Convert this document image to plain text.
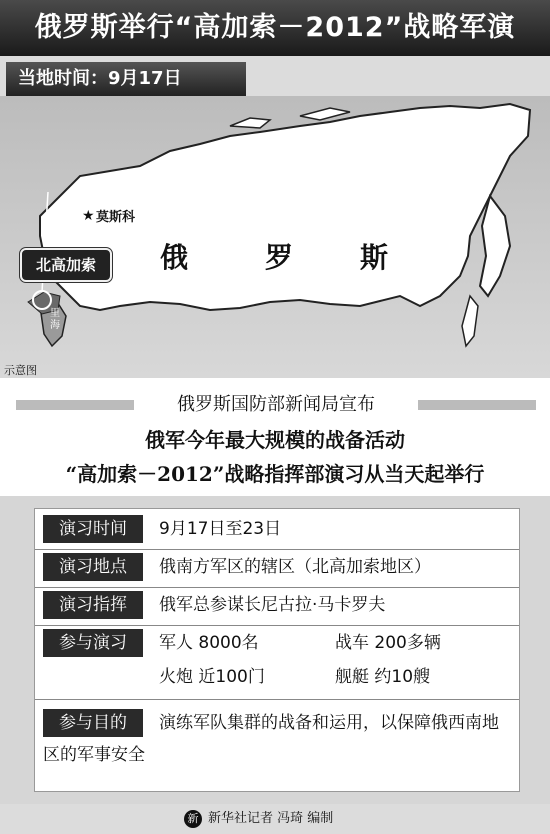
俄罗斯举行“高加索－2012”战略军演
当地时间：9月17日
★
俄	罗 斯
莫斯科
北高加索
里海
示意图
俄罗斯国防部新闻局宣布
俄军今年最大规模的战备活动
“高加索－2012”战略指挥部演习从当天起举行
演习时间	9月17日至23日
演习地点	俄南方军区的辖区（北高加索地区）
演习指挥	俄军总参谋长尼古拉·马卡罗夫
参与演习	军人 8000名	战车 200多辆
火炮 近100门	舰艇 约10艘
参与目的	演练军队集群的战备和运用，以保障俄西南地区的军事安全
新 新华社记者 冯琦 编制
